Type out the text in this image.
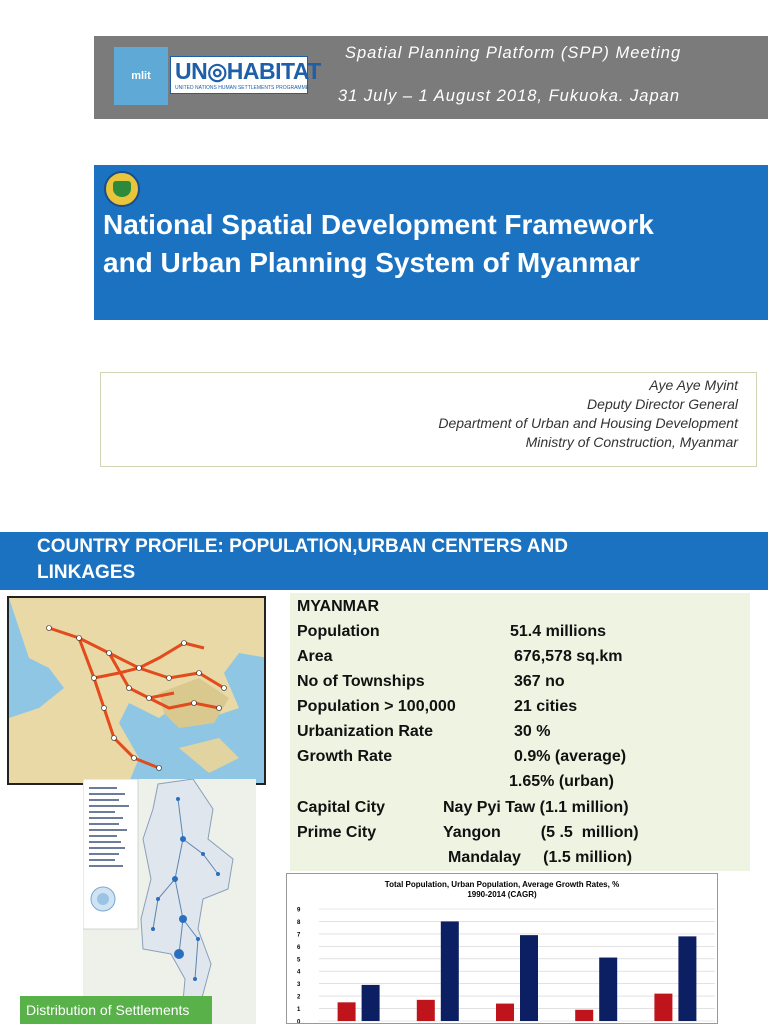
mlit UN◎HABITAT
UNITED NATIONS HUMAN SETTLEMENTS PROGRAMME
Spatial Planning Platform (SPP) Meeting
31 July – 1 August 2018, Fukuoka. Japan
National Spatial Development Framework
and Urban Planning System of Myanmar
Aye Aye Myint
Deputy Director General
Department of Urban and Housing Development
Ministry of Construction, Myanmar
COUNTRY PROFILE: POPULATION,URBAN CENTERS AND
LINKAGES
Distribution of Settlements
MYANMAR
Population	51.4 millions
Area	676,578 sq.km
No of Townships	367 no
Population > 100,000	21 cities
Urbanization Rate	30 %
Growth Rate	0.9% (average)
1.65% (urban)
Capital City	Nay Pyi Taw (1.1 million)
Prime City	Yangon         (5 .5  million)
Mandalay     (1.5 million)
Total Population, Urban Population, Average Growth Rates, %
1990-2014 (CAGR)
0
1
2
3
4
5
6
7
8
9
